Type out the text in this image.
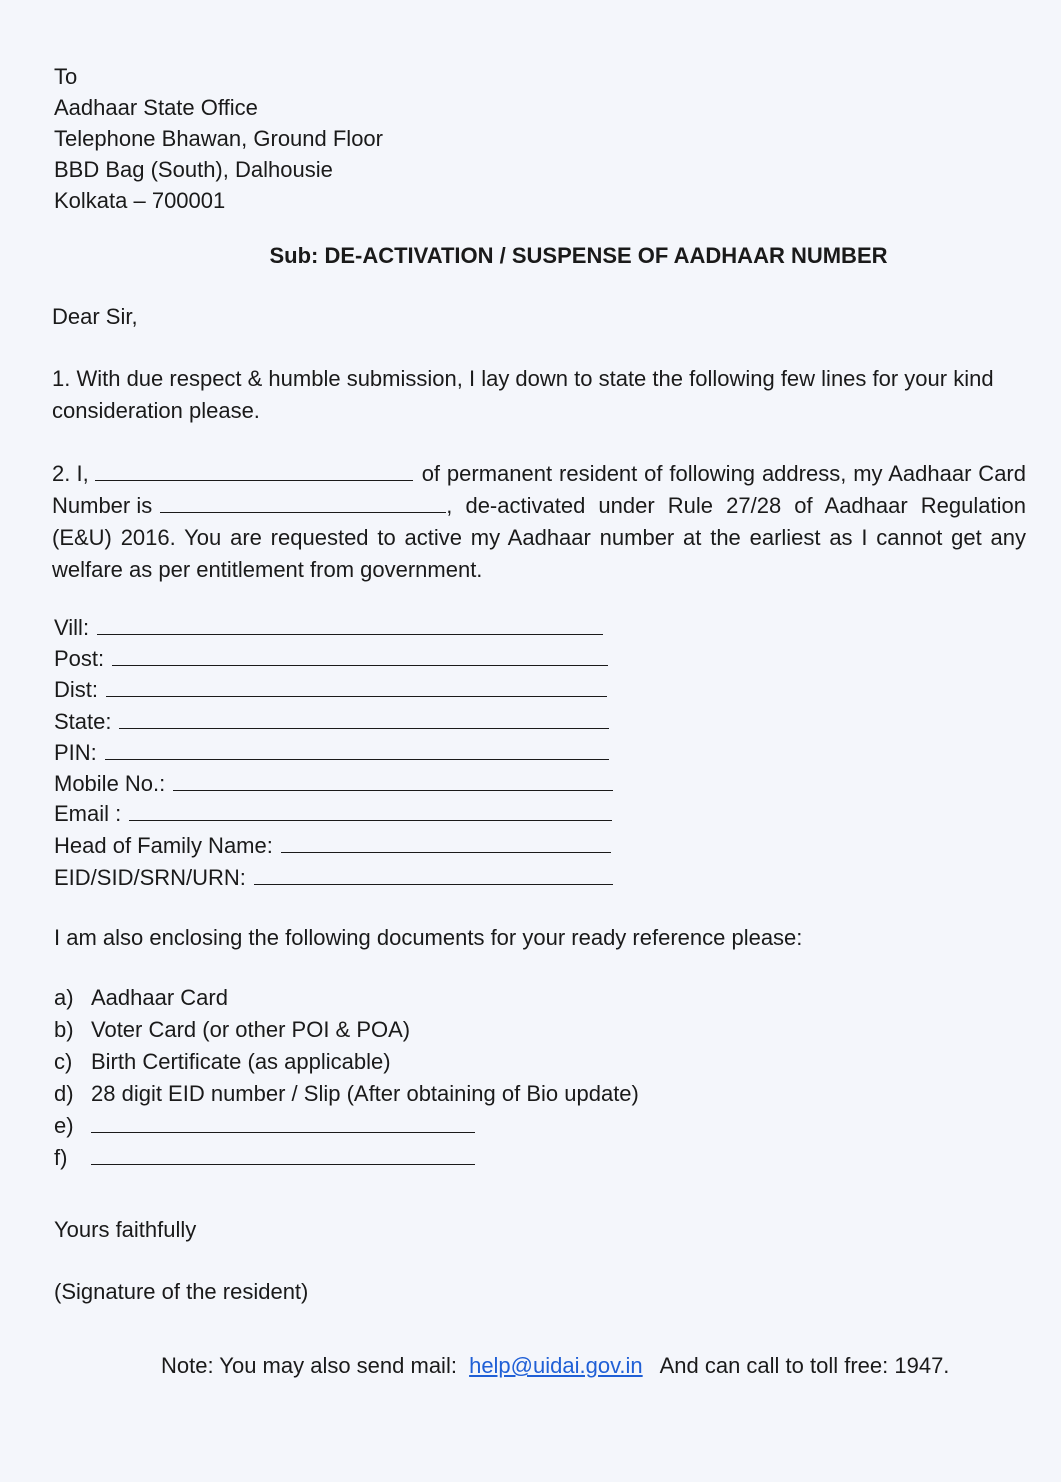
To
Aadhaar State Office
Telephone Bhawan, Ground Floor
BBD Bag (South), Dalhousie
Kolkata – 700001
Sub: DE-ACTIVATION / SUSPENSE OF AADHAAR NUMBER
Dear Sir,
1. With due respect & humble submission, I lay down to state the following few lines for your kind consideration please.
2. I,	of permanent resident of following address, my Aadhaar Card
Number is	, de-activated under Rule 27/28 of Aadhaar Regulation
(E&U) 2016. You are requested to active my Aadhaar number at the earliest as I cannot get any welfare as per entitlement from government.
Vill:
Post:
Dist:
State:
PIN:
Mobile No.:
Email :
Head of Family Name:
EID/SID/SRN/URN:
I am also enclosing the following documents for your ready reference please:
a) Aadhaar Card
b) Voter Card (or other POI & POA)
c) Birth Certificate (as applicable)
d) 28 digit EID number / Slip (After obtaining of Bio update)
e)
f)
Yours faithfully
(Signature of the resident)
Note: You may also send mail: help@uidai.gov.in And can call to toll free: 1947.
